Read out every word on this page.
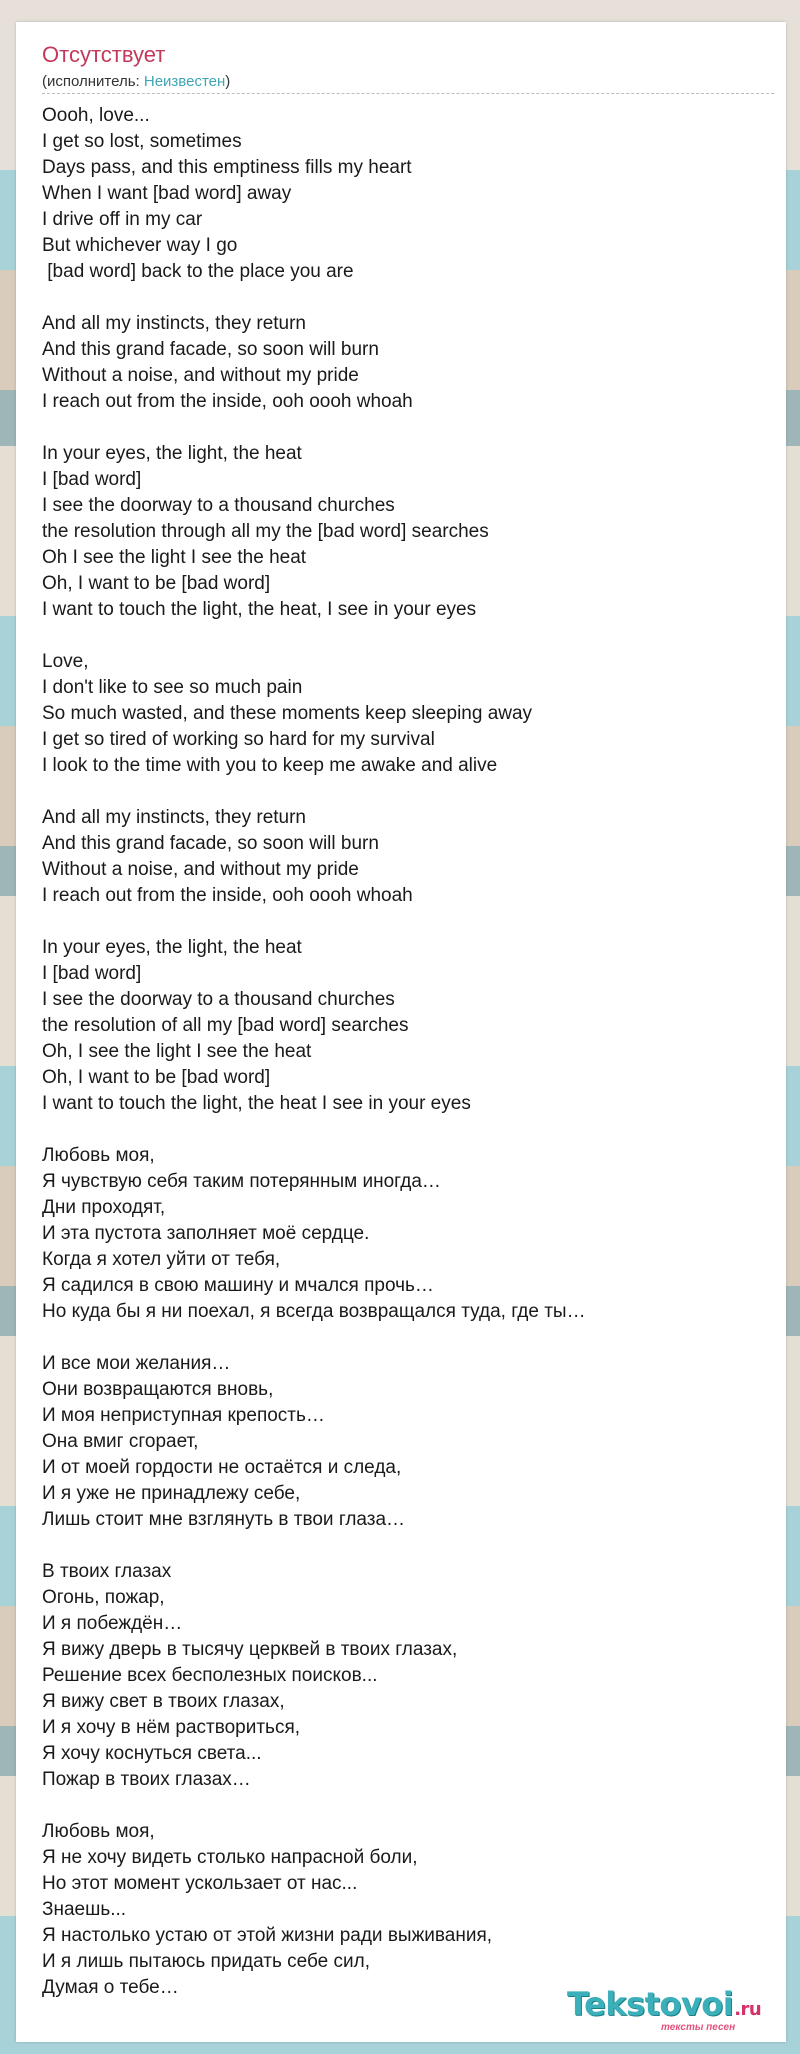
Отсутствует
(исполнитель: Неизвестен)
Oooh, love...
I get so lost, sometimes
Days pass, and this emptiness fills my heart
When I want [bad word] away
I drive off in my car
But whichever way I go
[bad word] back to the place you are
And all my instincts, they return
And this grand facade, so soon will burn
Without a noise, and without my pride
I reach out from the inside, ooh oooh whoah
In your eyes, the light, the heat
I [bad word]
I see the doorway to a thousand churches
the resolution through all my the [bad word] searches
Oh I see the light I see the heat
Oh, I want to be [bad word]
I want to touch the light, the heat, I see in your eyes
Love,
I don't like to see so much pain
So much wasted, and these moments keep sleeping away
I get so tired of working so hard for my survival
I look to the time with you to keep me awake and alive
And all my instincts, they return
And this grand facade, so soon will burn
Without a noise, and without my pride
I reach out from the inside, ooh oooh whoah
In your eyes, the light, the heat
I [bad word]
I see the doorway to a thousand churches
the resolution of all my [bad word] searches
Oh, I see the light I see the heat
Oh, I want to be [bad word]
I want to touch the light, the heat I see in your eyes
Любовь моя,
Я чувствую себя таким потерянным иногда…
Дни проходят,
И эта пустота заполняет моё сердце.
Когда я хотел уйти от тебя,
Я садился в свою машину и мчался прочь…
Но куда бы я ни поехал, я всегда возвращался туда, где ты…
И все мои желания…
Они возвращаются вновь,
И моя неприступная крепость…
Она вмиг сгорает,
И от моей гордости не остаётся и следа,
И я уже не принадлежу себе,
Лишь стоит мне взглянуть в твои глаза…
В твоих глазах
Огонь, пожар,
И я побеждён…
Я вижу дверь в тысячу церквей в твоих глазах,
Решение всех бесполезных поисков...
Я вижу свет в твоих глазах,
И я хочу в нём раствориться,
Я хочу коснуться света...
Пожар в твоих глазах…
Любовь моя,
Я не хочу видеть столько напрасной боли,
Но этот момент ускользает от нас...
Знаешь...
Я настолько устаю от этой жизни ради выживания,
И я лишь пытаюсь придать себе сил,
Думая о тебе…	Tekstovoi.ru
тексты песен
